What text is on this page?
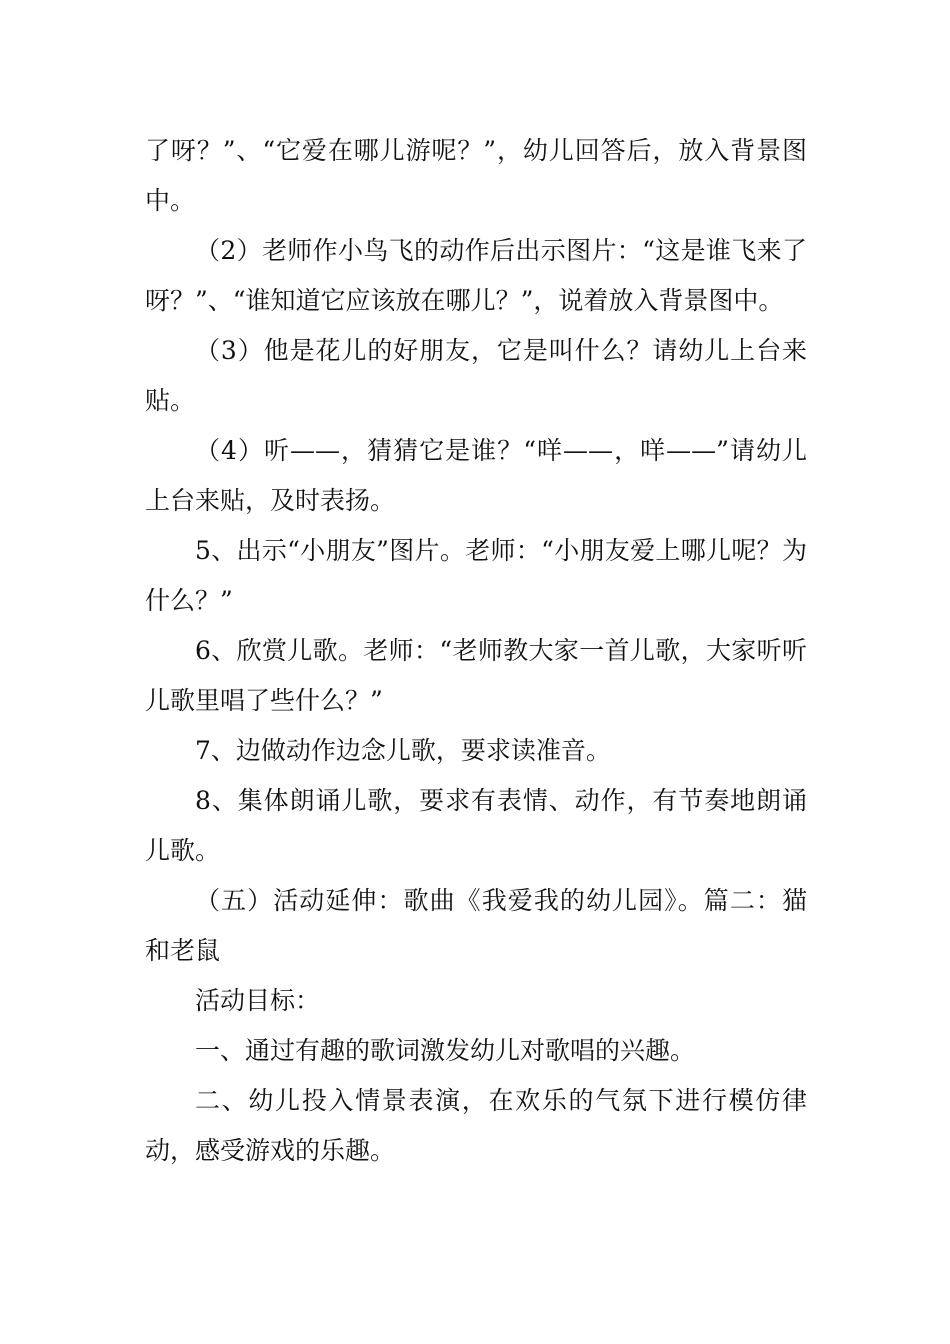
了呀？”、“它爱在哪儿游呢？”，幼儿回答后，放入背景图中。

（2）老师作小鸟飞的动作后出示图片：“这是谁飞来了呀？”、“谁知道它应该放在哪儿？”，说着放入背景图中。

（3）他是花儿的好朋友，它是叫什么？请幼儿上台来贴。

（4）听——，猜猜它是谁？“咩——，咩——”请幼儿上台来贴，及时表扬。

5、出示“小朋友”图片。老师：“小朋友爱上哪儿呢？为什么？”

6、欣赏儿歌。老师：“老师教大家一首儿歌，大家听听儿歌里唱了些什么？”

7、边做动作边念儿歌，要求读准音。

8、集体朗诵儿歌，要求有表情、动作，有节奏地朗诵儿歌。

（五）活动延伸：歌曲《我爱我的幼儿园》。篇二：猫和老鼠

活动目标：

一、通过有趣的歌词激发幼儿对歌唱的兴趣。

二、幼儿投入情景表演，在欢乐的气氛下进行模仿律动，感受游戏的乐趣。
